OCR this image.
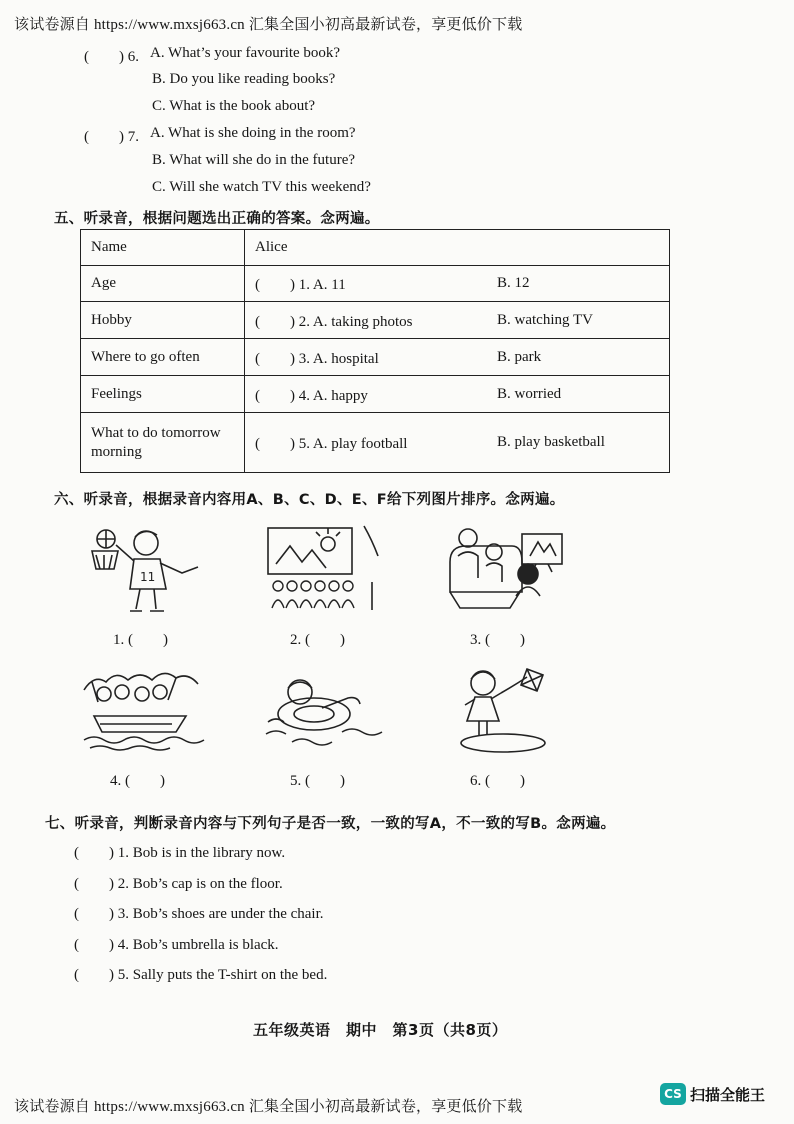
该试卷源自 https://www.mxsj663.cn 汇集全国小初高最新试卷，享更低价下载
(　　) 6. A. What’s your favourite book?
B. Do you like reading books?
C. What is the book about?
(　　) 7. A. What is she doing in the room?
B. What will she do in the future?
C. Will she watch TV this weekend?
五、听录音，根据问题选出正确的答案。念两遍。
Name	Alice
Age	(　　) 1. A. 11 B. 12

Hobby	(　　) 2. A. taking photos B. watching TV

Where to go often	(　　) 3. A. hospital B. park

Feelings	(　　) 4. A. happy B. worried

What to do tomorrow morning	(　　) 5. A. play football B. play basketball
六、听录音，根据录音内容用A、B、C、D、E、F给下列图片排序。念两遍。
11
1. (　　)	2. (　　)	3. (　　)
4. (　　)	5. (　　)	6. (　　)
七、听录音，判断录音内容与下列句子是否一致，一致的写A，不一致的写B。念两遍。
(　　) 1. Bob is in the library now.
(　　) 2. Bob’s cap is on the floor.
(　　) 3. Bob’s shoes are under the chair.
(　　) 4. Bob’s umbrella is black.
(　　) 5. Sally puts the T-shirt on the bed.
五年级英语　期中　第3页（共8页）
该试卷源自 https://www.mxsj663.cn 汇集全国小初高最新试卷，享更低价下载
CS 扫描全能王
